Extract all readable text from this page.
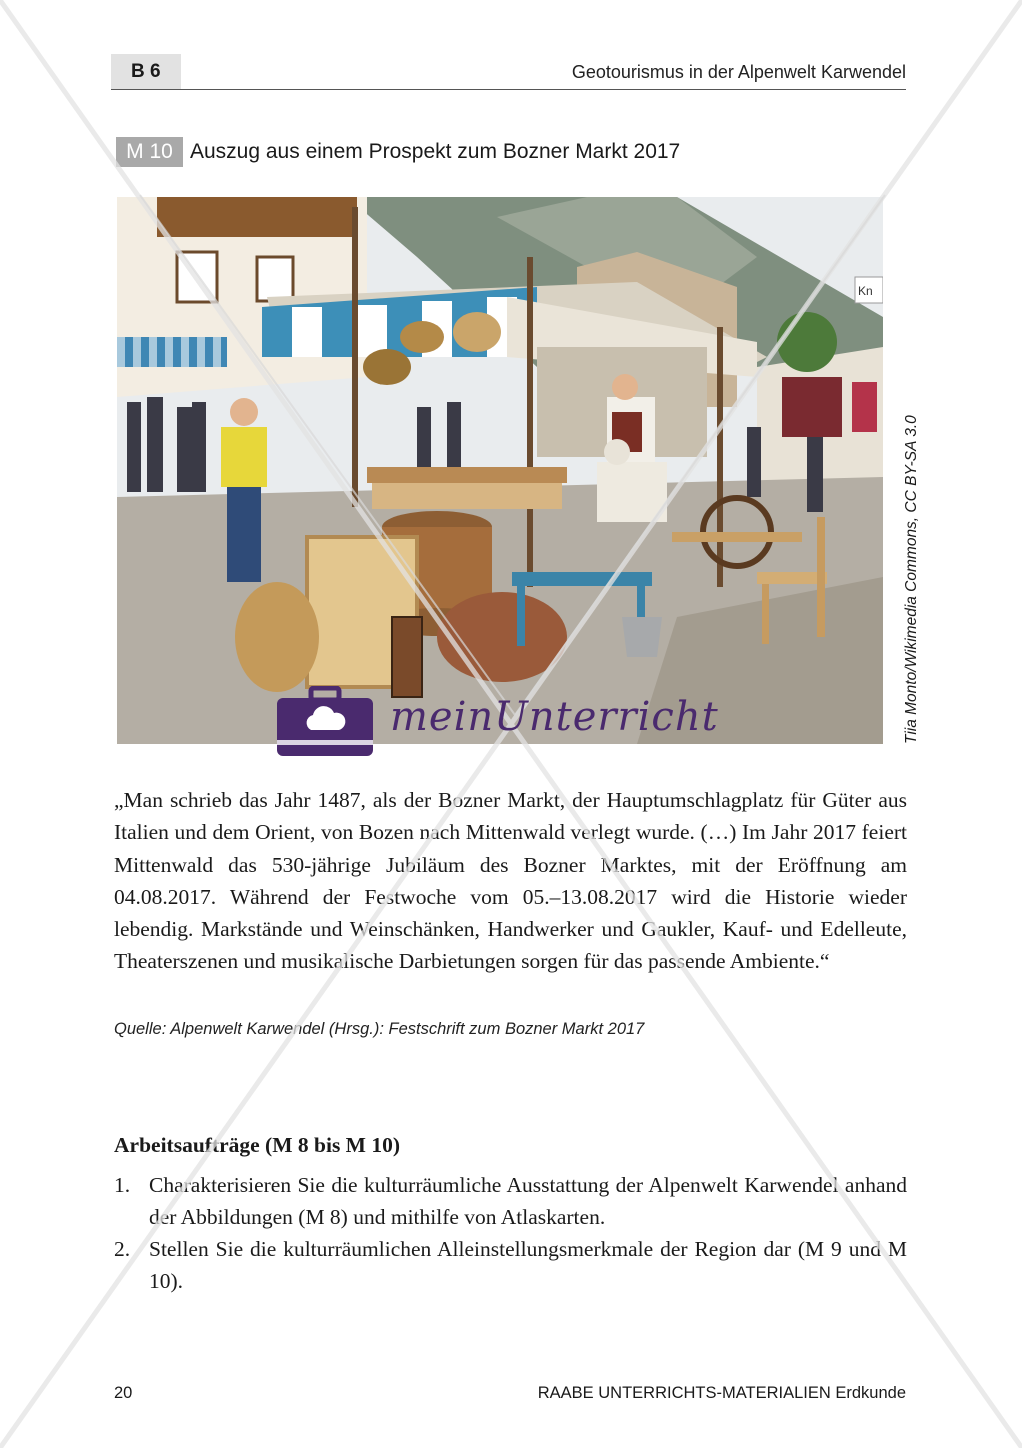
B 6	Geotourismus in der Alpenwelt Karwendel
M 10 Auszug aus einem Prospekt zum Bozner Markt 2017
Kn
Tiia Monto/Wikimedia Commons, CC BY-SA 3.0
„Man schrieb das Jahr 1487, als der Bozner Markt, der Hauptumschlagplatz für Güter aus Italien und dem Orient, von Bozen nach Mittenwald verlegt wurde. (…) Im Jahr 2017 feiert Mittenwald das 530-jährige Jubiläum des Bozner Marktes, mit der Eröffnung am 04.08.2017. Während der Festwoche vom 05.–13.08.2017 wird die Historie wieder lebendig. Markstände und Weinschänken, Handwerker und Gaukler, Kauf- und Edelleute, Theaterszenen und musikalische Darbietungen sorgen für das passende Ambiente.“
Quelle: Alpenwelt Karwendel (Hrsg.): Festschrift zum Bozner Markt 2017
Arbeitsaufträge (M 8 bis M 10)
1. Charakterisieren Sie die kulturräumliche Ausstattung der Alpenwelt Karwendel anhand der Abbildungen (M 8) und mithilfe von Atlaskarten.
2. Stellen Sie die kulturräumlichen Alleinstellungsmerkmale der Region dar (M 9 und M 10).
20	RAABE UNTERRICHTS-MATERIALIEN Erdkunde
meinUnterricht
